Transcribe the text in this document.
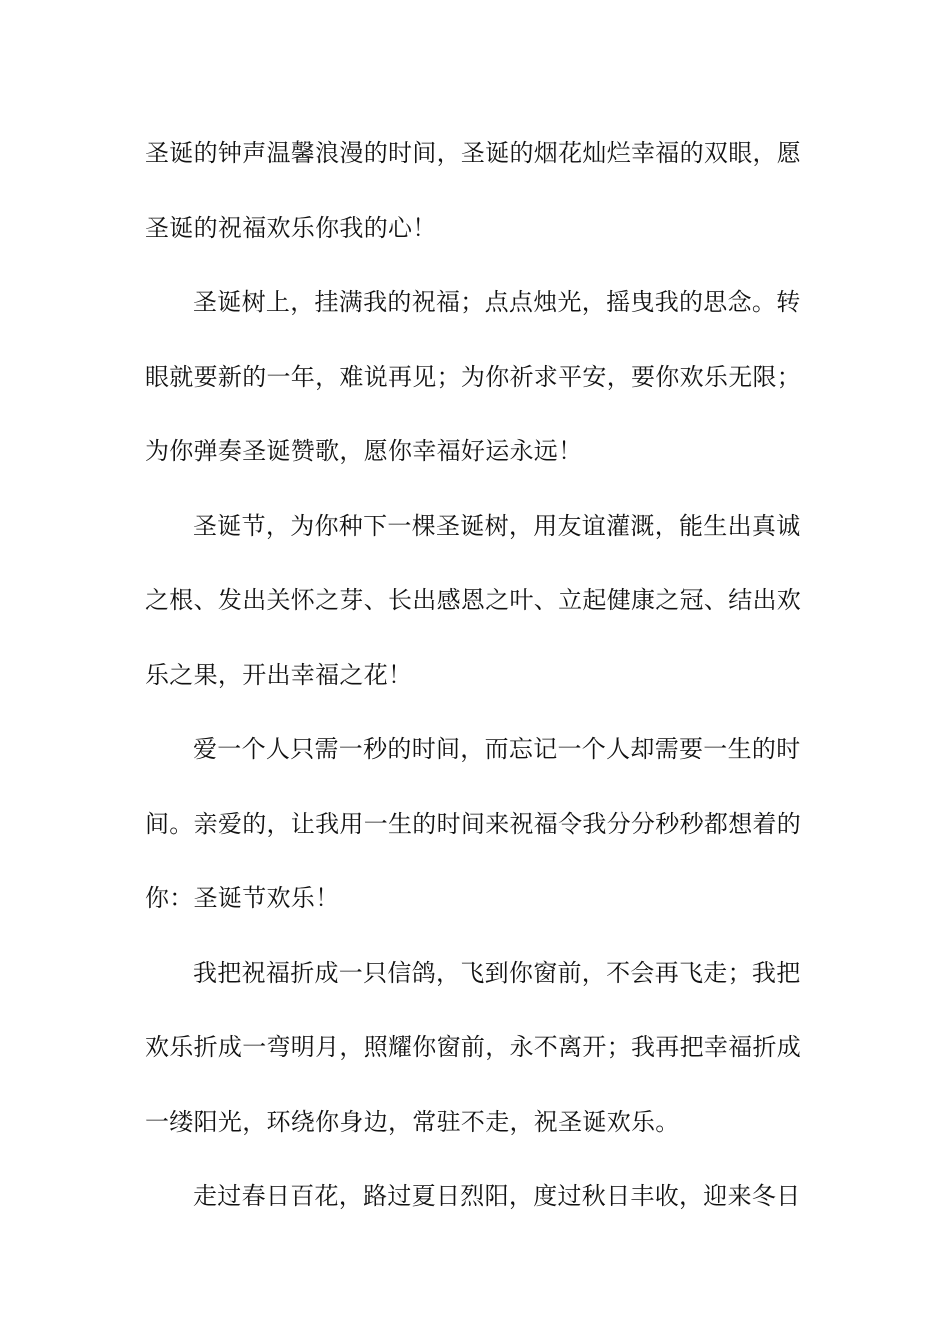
圣诞的钟声温馨浪漫的时间，圣诞的烟花灿烂幸福的双眼，愿
圣诞的祝福欢乐你我的心！
圣诞树上，挂满我的祝福；点点烛光，摇曳我的思念。转
眼就要新的一年，难说再见；为你祈求平安，要你欢乐无限；
为你弹奏圣诞赞歌，愿你幸福好运永远！
圣诞节，为你种下一棵圣诞树，用友谊灌溉，能生出真诚
之根、发出关怀之芽、长出感恩之叶、立起健康之冠、结出欢
乐之果，开出幸福之花！
爱一个人只需一秒的时间，而忘记一个人却需要一生的时
间。亲爱的，让我用一生的时间来祝福令我分分秒秒都想着的
你：圣诞节欢乐！
我把祝福折成一只信鸽，飞到你窗前，不会再飞走；我把
欢乐折成一弯明月，照耀你窗前，永不离开；我再把幸福折成
一缕阳光，环绕你身边，常驻不走，祝圣诞欢乐。
走过春日百花，路过夏日烈阳，度过秋日丰收，迎来冬日
